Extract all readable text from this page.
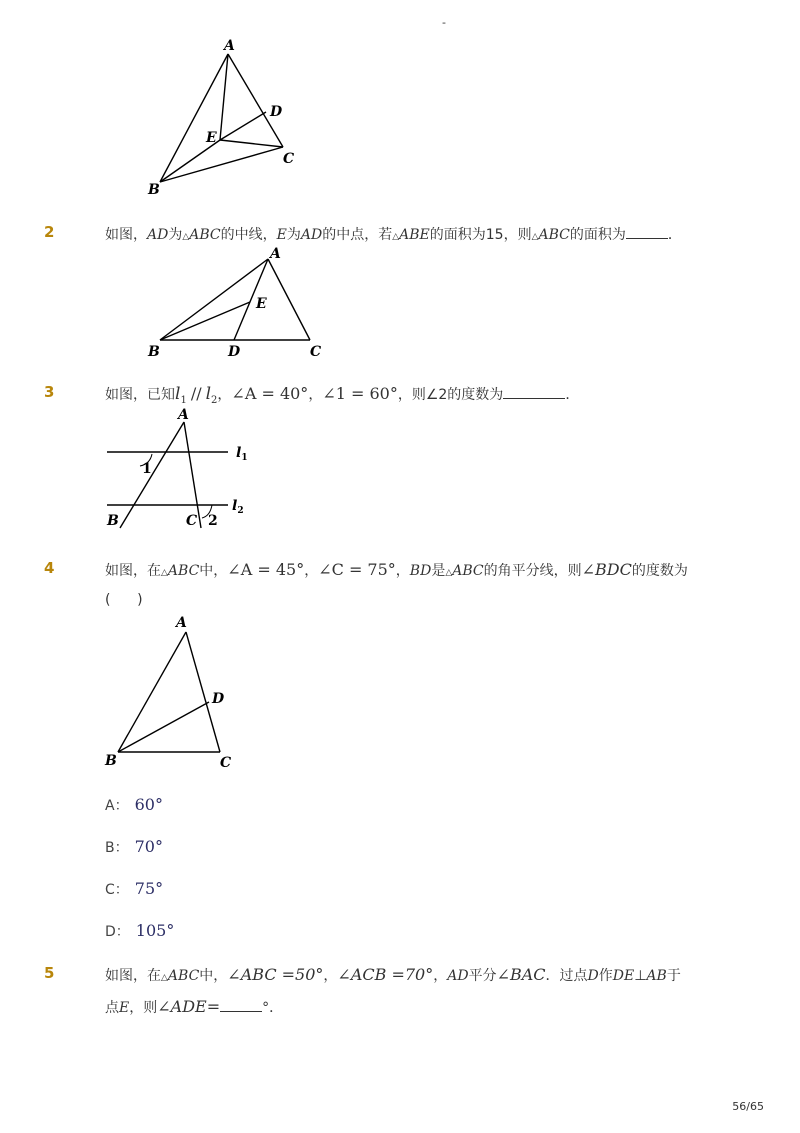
-
A
B
C
D
E
2	如图，AD为△ABC的中线，E为AD的中点，若△ABE的面积为15，则△ABC的面积为	．
A
B	C
D
E
3	如图，已知$l_1 // l_2$，∠A = 40°，∠1 = 60°，则∠2的度数为	．
A
B	C
1
2
$l_1$
$l_2$
4	如图，在△ABC中，∠A = 45°，∠C = 75°，BD是△ABC的角平分线，则∠BDC的度数为
(      )
A
B	C
D
A： 60°
B： 70°
C： 75°
D： 105°
5	如图，在△ABC中，∠ABC =50°，∠ACB =70°，AD平分∠BAC．过点D作DE⊥AB于
点E，则∠ADE=	°．
56/65
